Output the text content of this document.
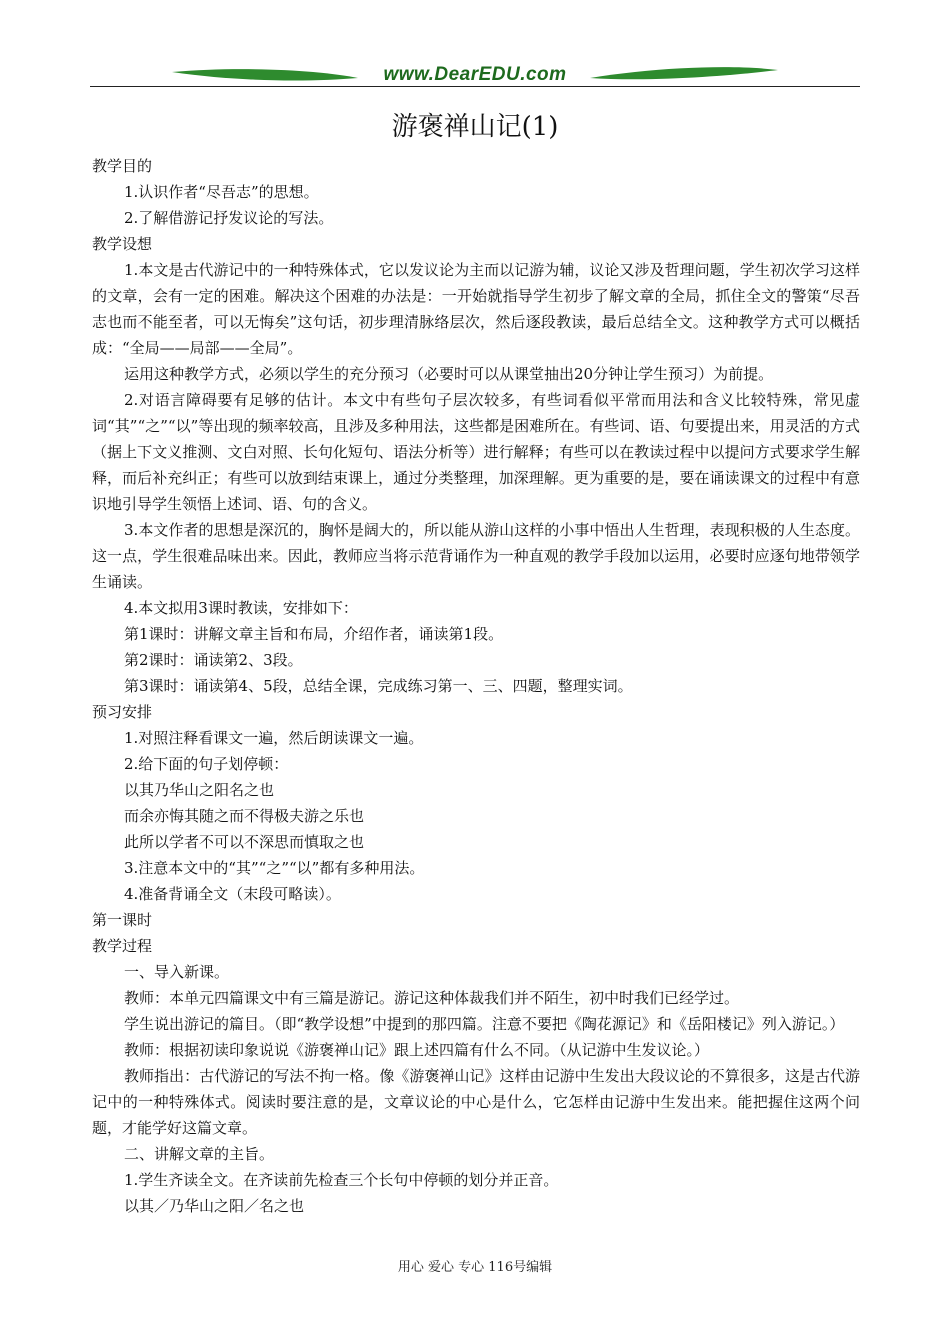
www.DearEDU.com
游褒禅山记(1)

教学目的

1.认识作者“尽吾志”的思想。

2.了解借游记抒发议论的写法。

教学设想

1.本文是古代游记中的一种特殊体式，它以发议论为主而以记游为辅，议论又涉及哲理问题，学生初次学习这样的文章，会有一定的困难。解决这个困难的办法是：一开始就指导学生初步了解文章的全局，抓住全文的警策“尽吾志也而不能至者，可以无悔矣”这句话，初步理清脉络层次，然后逐段教读，最后总结全文。这种教学方式可以概括成：“全局——局部——全局”。

运用这种教学方式，必须以学生的充分预习（必要时可以从课堂抽出20分钟让学生预习）为前提。

2.对语言障碍要有足够的估计。本文中有些句子层次较多，有些词看似平常而用法和含义比较特殊，常见虚词“其”“之”“以”等出现的频率较高，且涉及多种用法，这些都是困难所在。有些词、语、句要提出来，用灵活的方式（据上下文义推测、文白对照、长句化短句、语法分析等）进行解释；有些可以在教读过程中以提问方式要求学生解释，而后补充纠正；有些可以放到结束课上，通过分类整理，加深理解。更为重要的是，要在诵读课文的过程中有意识地引导学生领悟上述词、语、句的含义。

3.本文作者的思想是深沉的，胸怀是阔大的，所以能从游山这样的小事中悟出人生哲理，表现积极的人生态度。这一点，学生很难品味出来。因此，教师应当将示范背诵作为一种直观的教学手段加以运用，必要时应逐句地带领学生诵读。

4.本文拟用3课时教读，安排如下：

第1课时：讲解文章主旨和布局，介绍作者，诵读第1段。

第2课时：诵读第2、3段。

第3课时：诵读第4、5段，总结全课，完成练习第一、三、四题，整理实词。

预习安排

1.对照注释看课文一遍，然后朗读课文一遍。

2.给下面的句子划停顿：

以其乃华山之阳名之也

而余亦悔其随之而不得极夫游之乐也

此所以学者不可以不深思而慎取之也

3.注意本文中的“其”“之”“以”都有多种用法。

4.准备背诵全文（末段可略读）。

第一课时

教学过程

一、导入新课。

教师：本单元四篇课文中有三篇是游记。游记这种体裁我们并不陌生，初中时我们已经学过。

学生说出游记的篇目。（即“教学设想”中提到的那四篇。注意不要把《陶花源记》和《岳阳楼记》列入游记。）

教师：根据初读印象说说《游褒禅山记》跟上述四篇有什么不同。（从记游中生发议论。）

教师指出：古代游记的写法不拘一格。像《游褒禅山记》这样由记游中生发出大段议论的不算很多，这是古代游记中的一种特殊体式。阅读时要注意的是，文章议论的中心是什么，它怎样由记游中生发出来。能把握住这两个问题，才能学好这篇文章。

二、讲解文章的主旨。

1.学生齐读全文。在齐读前先检查三个长句中停顿的划分并正音。

以其／乃华山之阳／名之也

用心 爱心 专心 116号编辑
